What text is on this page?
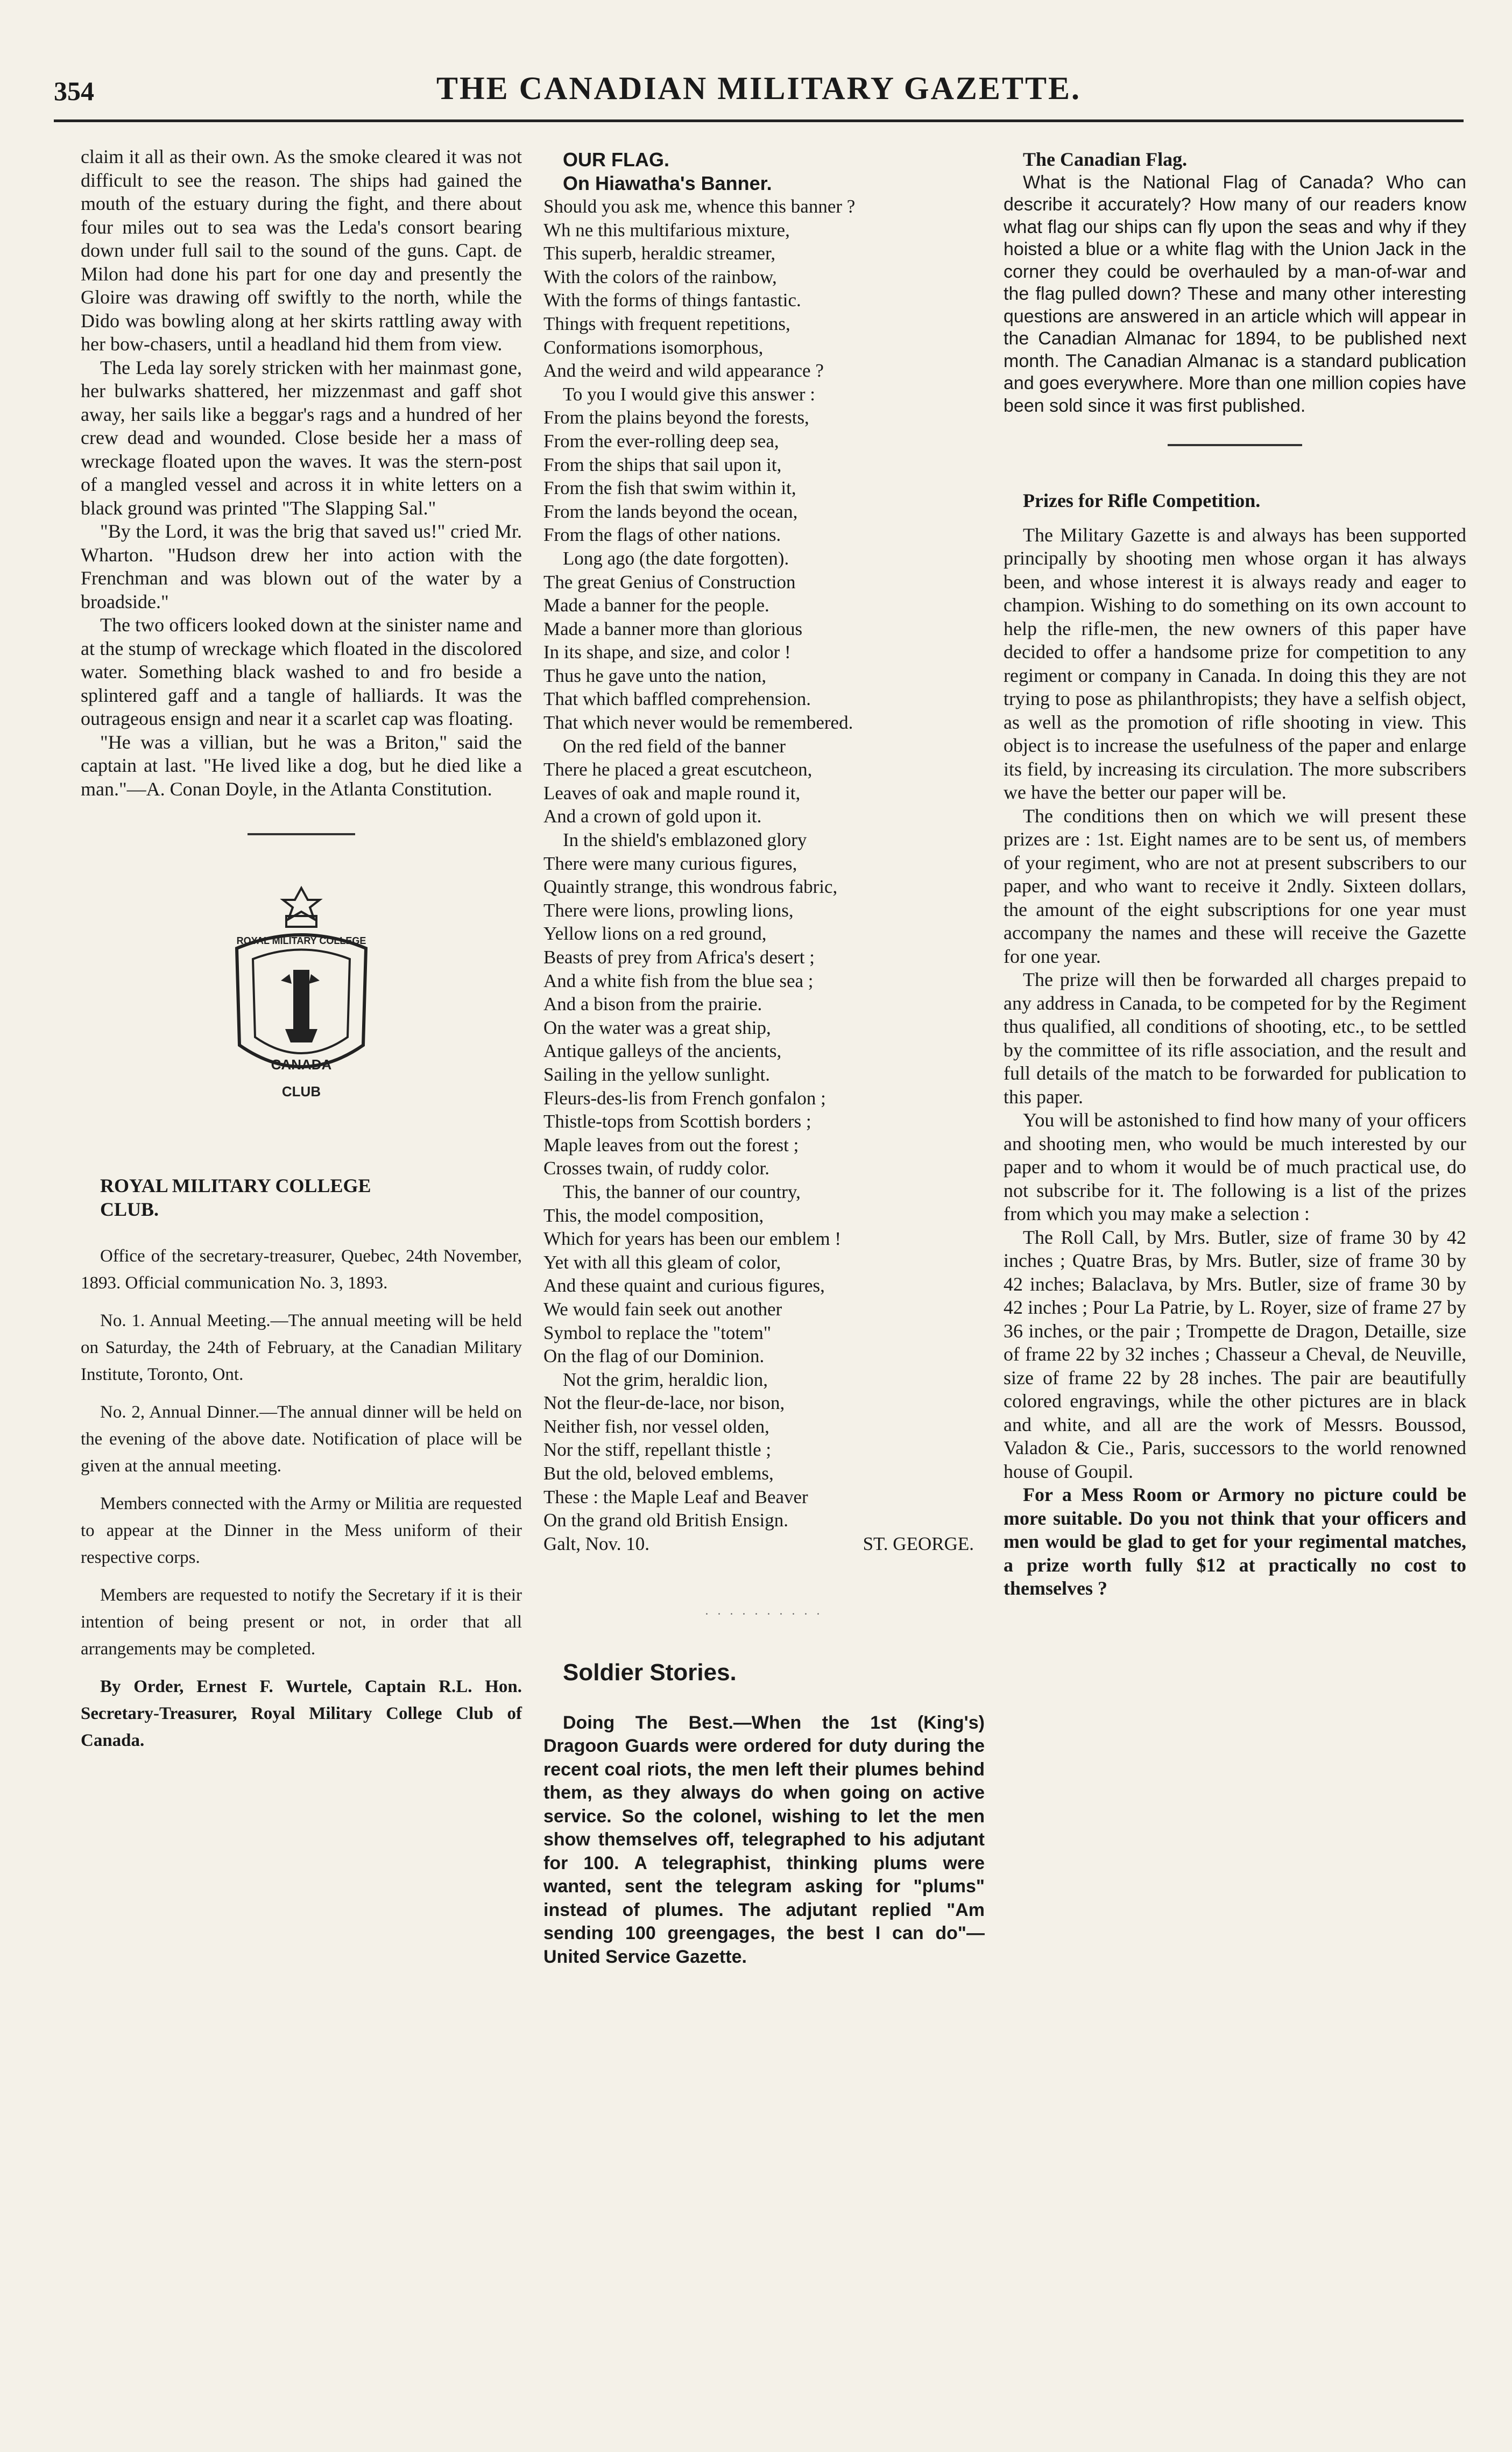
354	THE CANADIAN MILITARY GAZETTE.

claim it all as their own. As the smoke cleared it was not difficult to see the reason. The ships had gained the mouth of the estuary during the fight, and there about four miles out to sea was the Leda's consort bearing down under full sail to the sound of the guns. Capt. de Milon had done his part for one day and presently the Gloire was drawing off swiftly to the north, while the Dido was bowling along at her skirts rattling away with her bow-chasers, until a headland hid them from view.

The Leda lay sorely stricken with her mainmast gone, her bulwarks shattered, her mizzenmast and gaff shot away, her sails like a beggar's rags and a hundred of her crew dead and wounded. Close beside her a mass of wreckage floated upon the waves. It was the stern-post of a mangled vessel and across it in white letters on a black ground was printed "The Slapping Sal."

"By the Lord, it was the brig that saved us!" cried Mr. Wharton. "Hudson drew her into action with the Frenchman and was blown out of the water by a broadside."

The two officers looked down at the sinister name and at the stump of wreckage which floated in the discolored water. Something black washed to and fro beside a splintered gaff and a tangle of halliards. It was the outrageous ensign and near it a scarlet cap was floating.

"He was a villian, but he was a Briton," said the captain at last. "He lived like a dog, but he died like a man."—A. Conan Doyle, in the Atlanta Constitution.

ROYAL MILITARY COLLEGE
CANADA
CLUB

ROYAL MILITARY COLLEGE

CLUB.

Office of the secretary-treasurer, Quebec, 24th November, 1893. Official communication No. 3, 1893.

No. 1. Annual Meeting.—The annual meeting will be held on Saturday, the 24th of February, at the Canadian Military Institute, Toronto, Ont.

No. 2, Annual Dinner.—The annual dinner will be held on the evening of the above date. Notification of place will be given at the annual meeting.

Members connected with the Army or Militia are requested to appear at the Dinner in the Mess uniform of their respective corps.

Members are requested to notify the Secretary if it is their intention of being present or not, in order that all arrangements may be completed.

By Order, Ernest F. Wurtele, Captain R.L. Hon. Secretary-Treasurer, Royal Military College Club of Canada.

OUR FLAG.

On Hiawatha's Banner.

Should you ask me, whence this banner ?
Wh ne this multifarious mixture,
This superb, heraldic streamer,
With the colors of the rainbow,
With the forms of things fantastic.
Things with frequent repetitions,
Conformations isomorphous,
And the weird and wild appearance ?
To you I would give this answer :
From the plains beyond the forests,
From the ever-rolling deep sea,
From the ships that sail upon it,
From the fish that swim within it,
From the lands beyond the ocean,
From the flags of other nations.
Long ago (the date forgotten).
The great Genius of Construction
Made a banner for the people.
Made a banner more than glorious
In its shape, and size, and color !
Thus he gave unto the nation,
That which baffled comprehension.
That which never would be remembered.
On the red field of the banner
There he placed a great escutcheon,
Leaves of oak and maple round it,
And a crown of gold upon it.
In the shield's emblazoned glory
There were many curious figures,
Quaintly strange, this wondrous fabric,
There were lions, prowling lions,
Yellow lions on a red ground,
Beasts of prey from Africa's desert ;
And a white fish from the blue sea ;
And a bison from the prairie.
On the water was a great ship,
Antique galleys of the ancients,
Sailing in the yellow sunlight.
Fleurs-des-lis from French gonfalon ;
Thistle-tops from Scottish borders ;
Maple leaves from out the forest ;
Crosses twain, of ruddy color.
This, the banner of our country,
This, the model composition,
Which for years has been our emblem !
Yet with all this gleam of color,
And these quaint and curious figures,
We would fain seek out another
Symbol to replace the "totem"
On the flag of our Dominion.
Not the grim, heraldic lion,
Not the fleur-de-lace, nor bison,
Neither fish, nor vessel olden,
Nor the stiff, repellant thistle ;
But the old, beloved emblems,
These : the Maple Leaf and Beaver
On the grand old British Ensign.
Galt, Nov. 10.	ST. GEORGE.
. . . . . . . . . .

Soldier Stories.

Doing The Best.—When the 1st (King's) Dragoon Guards were ordered for duty during the recent coal riots, the men left their plumes behind them, as they always do when going on active service. So the colonel, wishing to let the men show themselves off, telegraphed to his adjutant for 100. A telegraphist, thinking plums were wanted, sent the telegram asking for "plums" instead of plumes. The adjutant replied "Am sending 100 greengages, the best I can do"—United Service Gazette.

The Canadian Flag.

What is the National Flag of Canada? Who can describe it accurately? How many of our readers know what flag our ships can fly upon the seas and why if they hoisted a blue or a white flag with the Union Jack in the corner they could be overhauled by a man-of-war and the flag pulled down? These and many other interesting questions are answered in an article which will appear in the Canadian Almanac for 1894, to be published next month. The Canadian Almanac is a standard publication and goes everywhere. More than one million copies have been sold since it was first published.

Prizes for Rifle Competition.

The Military Gazette is and always has been supported principally by shooting men whose organ it has always been, and whose interest it is always ready and eager to champion. Wishing to do something on its own account to help the rifle-men, the new owners of this paper have decided to offer a handsome prize for competition to any regiment or company in Canada. In doing this they are not trying to pose as philanthropists; they have a selfish object, as well as the promotion of rifle shooting in view. This object is to increase the usefulness of the paper and enlarge its field, by increasing its circulation. The more subscribers we have the better our paper will be.

The conditions then on which we will present these prizes are : 1st. Eight names are to be sent us, of members of your regiment, who are not at present subscribers to our paper, and who want to receive it 2ndly. Sixteen dollars, the amount of the eight subscriptions for one year must accompany the names and these will receive the Gazette for one year.

The prize will then be forwarded all charges prepaid to any address in Canada, to be competed for by the Regiment thus qualified, all conditions of shooting, etc., to be settled by the committee of its rifle association, and the result and full details of the match to be forwarded for publication to this paper.

You will be astonished to find how many of your officers and shooting men, who would be much interested by our paper and to whom it would be of much practical use, do not subscribe for it. The following is a list of the prizes from which you may make a selection :

The Roll Call, by Mrs. Butler, size of frame 30 by 42 inches ; Quatre Bras, by Mrs. Butler, size of frame 30 by 42 inches; Balaclava, by Mrs. Butler, size of frame 30 by 42 inches ; Pour La Patrie, by L. Royer, size of frame 27 by 36 inches, or the pair ; Trompette de Dragon, Detaille, size of frame 22 by 32 inches ; Chasseur a Cheval, de Neuville, size of frame 22 by 28 inches. The pair are beautifully colored engravings, while the other pictures are in black and white, and all are the work of Messrs. Boussod, Valadon & Cie., Paris, successors to the world renowned house of Goupil.

For a Mess Room or Armory no picture could be more suitable. Do you not think that your officers and men would be glad to get for your regimental matches, a prize worth fully $12 at practically no cost to themselves ?
